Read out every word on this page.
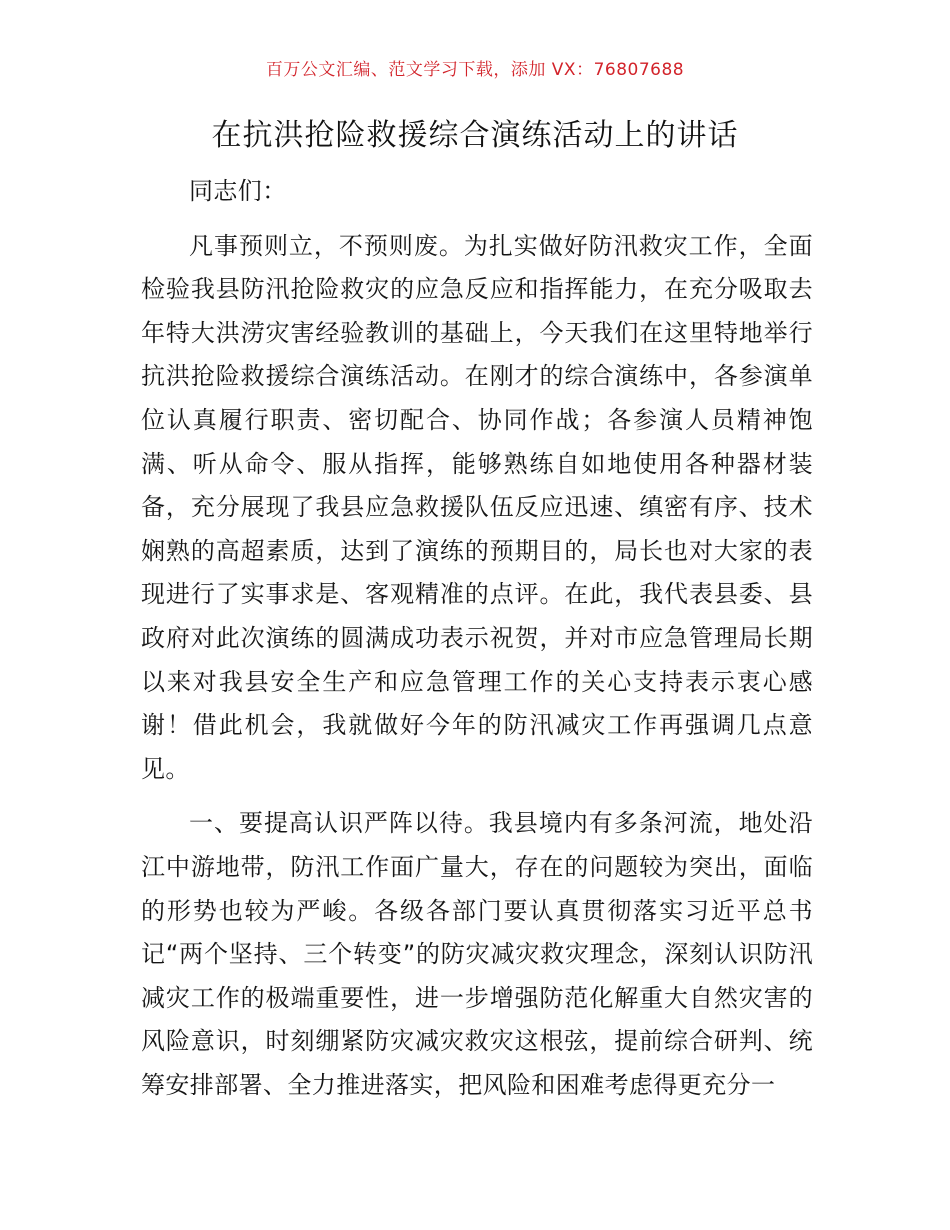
百万公文汇编、范文学习下载，添加 VX：76807688
在抗洪抢险救援综合演练活动上的讲话

同志们：

凡事预则立，不预则废。为扎实做好防汛救灾工作，全面检验我县防汛抢险救灾的应急反应和指挥能力，在充分吸取去年特大洪涝灾害经验教训的基础上，今天我们在这里特地举行抗洪抢险救援综合演练活动。在刚才的综合演练中，各参演单位认真履行职责、密切配合、协同作战；各参演人员精神饱满、听从命令、服从指挥，能够熟练自如地使用各种器材装备，充分展现了我县应急救援队伍反应迅速、缜密有序、技术娴熟的高超素质，达到了演练的预期目的，局长也对大家的表现进行了实事求是、客观精准的点评。在此，我代表县委、县政府对此次演练的圆满成功表示祝贺，并对市应急管理局长期以来对我县安全生产和应急管理工作的关心支持表示衷心感谢！借此机会，我就做好今年的防汛减灾工作再强调几点意见。

一、要提高认识严阵以待。我县境内有多条河流，地处沿江中游地带，防汛工作面广量大，存在的问题较为突出，面临的形势也较为严峻。各级各部门要认真贯彻落实习近平总书记“两个坚持、三个转变”的防灾减灾救灾理念，深刻认识防汛减灾工作的极端重要性，进一步增强防范化解重大自然灾害的风险意识，时刻绷紧防灾减灾救灾这根弦，提前综合研判、统筹安排部署、全力推进落实，把风险和困难考虑得更充分一
